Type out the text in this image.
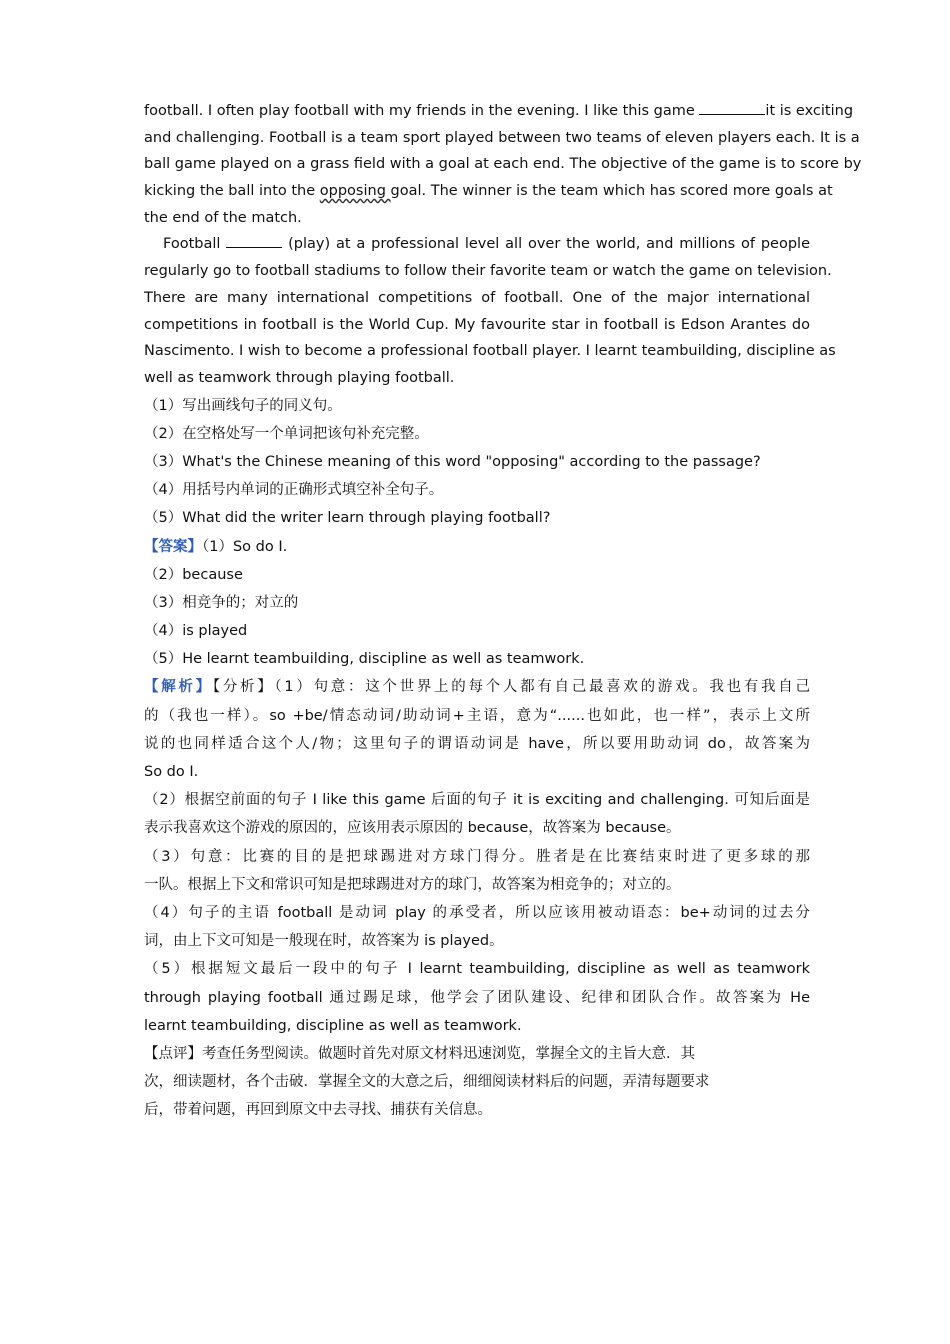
football. I often play football with my friends in the evening. I like this game	it is exciting
and challenging. Football is a team sport played between two teams of eleven players each. It is a
ball game played on a grass field with a goal at each end. The objective of the game is to score by
kicking the ball into the opposing goal. The winner is the team which has scored more goals at
the end of the match.
Football	(play) at a professional level all over the world, and millions of people
regularly go to football stadiums to follow their favorite team or watch the game on television.
There are many international competitions of football. One of the major international
competitions in football is the World Cup. My favourite star in football is Edson Arantes do
Nascimento. I wish to become a professional football player. I learnt teambuilding, discipline as
well as teamwork through playing football.
（1）写出画线句子的同义句。
（2）在空格处写一个单词把该句补充完整。
（3）What's the Chinese meaning of this word "opposing" according to the passage?
（4）用括号内单词的正确形式填空补全句子。
（5）What did the writer learn through playing football?
【答案】（1）So do I.
（2）because
（3）相竞争的；对立的
（4）is played
（5）He learnt teambuilding, discipline as well as teamwork.
【解析】【分析】（1）句意：这个世界上的每个人都有自己最喜欢的游戏。我也有我自己
的（我也一样）。so +be/情态动词/助动词+主语，意为“......也如此，也一样”，表示上文所
说的也同样适合这个人/物；这里句子的谓语动词是 have，所以要用助动词 do，故答案为
So do I.
（2）根据空前面的句子 I like this game 后面的句子 it is exciting and challenging. 可知后面是
表示我喜欢这个游戏的原因的，应该用表示原因的 because，故答案为 because。
（3）句意：比赛的目的是把球踢进对方球门得分。胜者是在比赛结束时进了更多球的那
一队。根据上下文和常识可知是把球踢进对方的球门，故答案为相竞争的；对立的。
（4）句子的主语 football 是动词 play 的承受者，所以应该用被动语态：be+动词的过去分
词，由上下文可知是一般现在时，故答案为 is played。
（5）根据短文最后一段中的句子 I learnt teambuilding, discipline as well as teamwork
through playing football 通过踢足球，他学会了团队建设、纪律和团队合作。故答案为 He
learnt teambuilding, discipline as well as teamwork.
【点评】考查任务型阅读。做题时首先对原文材料迅速浏览，掌握全文的主旨大意．其
次，细读题材，各个击破．掌握全文的大意之后，细细阅读材料后的问题，弄清每题要求
后，带着问题，再回到原文中去寻找、捕获有关信息。
